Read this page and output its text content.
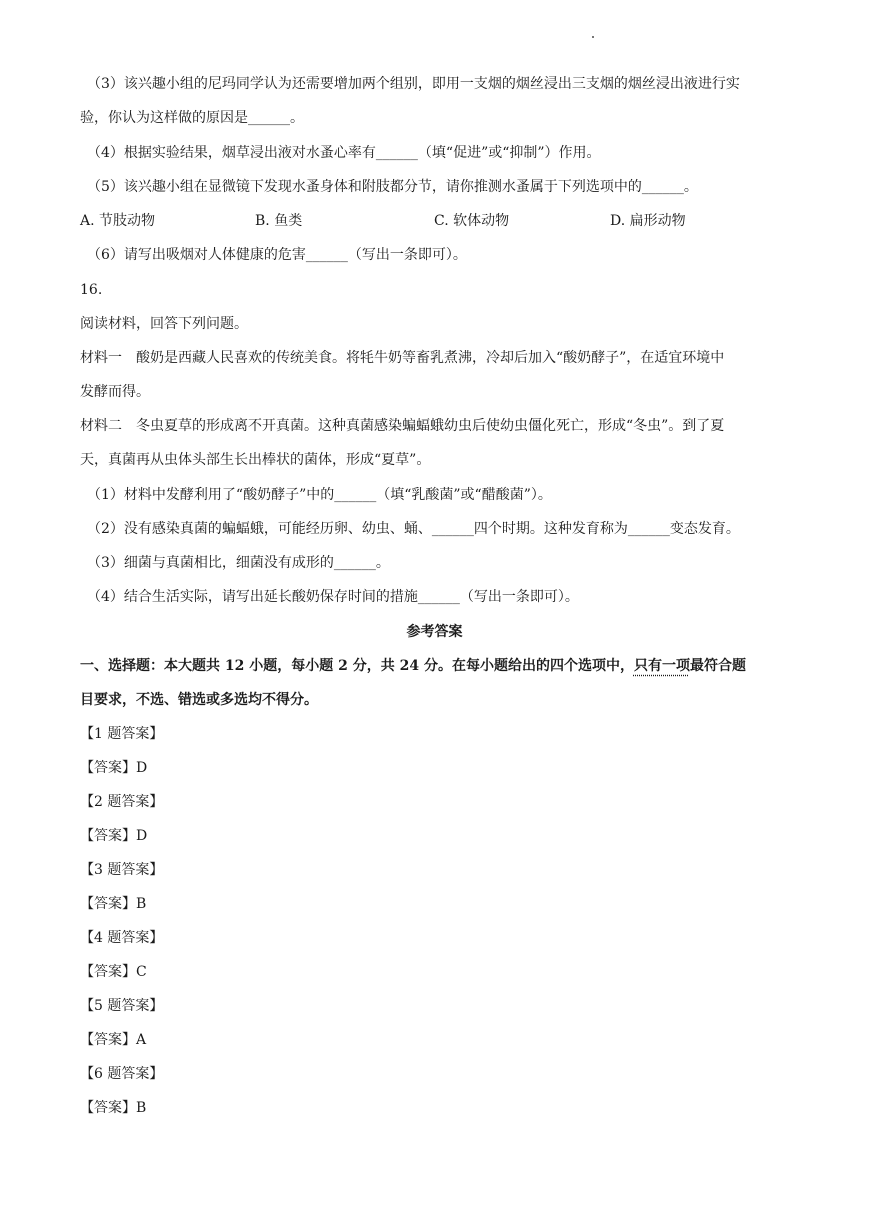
（3）该兴趣小组的尼玛同学认为还需要增加两个组别，即用一支烟的烟丝浸出三支烟的烟丝浸出液进行实
验，你认为这样做的原因是______。
（4）根据实验结果，烟草浸出液对水蚤心率有______（填“促进”或“抑制”）作用。
（5）该兴趣小组在显微镜下发现水蚤身体和附肢都分节，请你推测水蚤属于下列选项中的______。
A. 节肢动物	B. 鱼类	C. 软体动物	D. 扁形动物
（6）请写出吸烟对人体健康的危害______（写出一条即可）。
16.
阅读材料，回答下列问题。
材料一　酸奶是西藏人民喜欢的传统美食。将牦牛奶等畜乳煮沸，冷却后加入“酸奶酵子”，在适宜环境中
发酵而得。
材料二　冬虫夏草的形成离不开真菌。这种真菌感染蝙蝠蛾幼虫后使幼虫僵化死亡，形成“冬虫”。到了夏
天，真菌再从虫体头部生长出棒状的菌体，形成“夏草”。
（1）材料中发酵利用了“酸奶酵子”中的______（填“乳酸菌”或“醋酸菌”）。
（2）没有感染真菌的蝙蝠蛾，可能经历卵、幼虫、蛹、______四个时期。这种发育称为______变态发育。
（3）细菌与真菌相比，细菌没有成形的______。
（4）结合生活实际，请写出延长酸奶保存时间的措施______（写出一条即可）。
参考答案
一、选择题：本大题共 12 小题，每小题 2 分，共 24 分。在每小题给出的四个选项中，只有一项最符合题
目要求，不选、错选或多选均不得分。
【1 题答案】
【答案】D
【2 题答案】
【答案】D
【3 题答案】
【答案】B
【4 题答案】
【答案】C
【5 题答案】
【答案】A
【6 题答案】
【答案】B
